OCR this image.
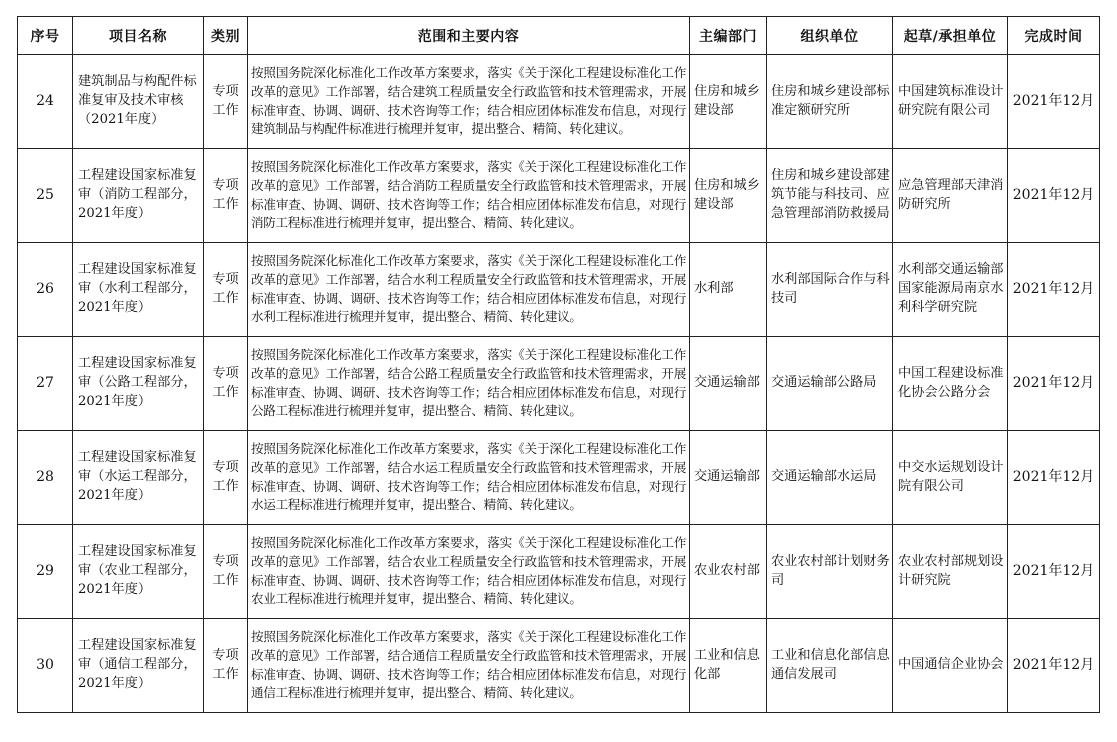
序号	项目名称	类别	范围和主要内容	主编部门	组织单位	起草/承担单位	完成时间
24	建筑制品与构配件标准复审及技术审核（2021年度）	专项工作	按照国务院深化标准化工作改革方案要求，落实《关于深化工程建设标准化工作改革的意见》工作部署，结合建筑工程质量安全行政监管和技术管理需求，开展标准审查、协调、调研、技术咨询等工作；结合相应团体标准发布信息，对现行建筑制品与构配件标准进行梳理并复审，提出整合、精简、转化建议。	住房和城乡建设部	住房和城乡建设部标准定额研究所	中国建筑标准设计研究院有限公司	2021年12月
25	工程建设国家标准复审（消防工程部分，2021年度）	专项工作	按照国务院深化标准化工作改革方案要求，落实《关于深化工程建设标准化工作改革的意见》工作部署，结合消防工程质量安全行政监管和技术管理需求，开展标准审查、协调、调研、技术咨询等工作；结合相应团体标准发布信息，对现行消防工程标准进行梳理并复审，提出整合、精简、转化建议。	住房和城乡建设部	住房和城乡建设部建筑节能与科技司、应急管理部消防救援局	应急管理部天津消防研究所	2021年12月
26	工程建设国家标准复审（水利工程部分，2021年度）	专项工作	按照国务院深化标准化工作改革方案要求，落实《关于深化工程建设标准化工作改革的意见》工作部署，结合水利工程质量安全行政监管和技术管理需求，开展标准审查、协调、调研、技术咨询等工作；结合相应团体标准发布信息，对现行水利工程标准进行梳理并复审，提出整合、精简、转化建议。	水利部	水利部国际合作与科技司	水利部交通运输部国家能源局南京水利科学研究院	2021年12月
27	工程建设国家标准复审（公路工程部分，2021年度）	专项工作	按照国务院深化标准化工作改革方案要求，落实《关于深化工程建设标准化工作改革的意见》工作部署，结合公路工程质量安全行政监管和技术管理需求，开展标准审查、协调、调研、技术咨询等工作；结合相应团体标准发布信息，对现行公路工程标准进行梳理并复审，提出整合、精简、转化建议。	交通运输部	交通运输部公路局	中国工程建设标准化协会公路分会	2021年12月
28	工程建设国家标准复审（水运工程部分，2021年度）	专项工作	按照国务院深化标准化工作改革方案要求，落实《关于深化工程建设标准化工作改革的意见》工作部署，结合水运工程质量安全行政监管和技术管理需求，开展标准审查、协调、调研、技术咨询等工作；结合相应团体标准发布信息，对现行水运工程标准进行梳理并复审，提出整合、精简、转化建议。	交通运输部	交通运输部水运局	中交水运规划设计院有限公司	2021年12月
29	工程建设国家标准复审（农业工程部分，2021年度）	专项工作	按照国务院深化标准化工作改革方案要求，落实《关于深化工程建设标准化工作改革的意见》工作部署，结合农业工程质量安全行政监管和技术管理需求，开展标准审查、协调、调研、技术咨询等工作；结合相应团体标准发布信息，对现行农业工程标准进行梳理并复审，提出整合、精简、转化建议。	农业农村部	农业农村部计划财务司	农业农村部规划设计研究院	2021年12月
30	工程建设国家标准复审（通信工程部分，2021年度）	专项工作	按照国务院深化标准化工作改革方案要求，落实《关于深化工程建设标准化工作改革的意见》工作部署，结合通信工程质量安全行政监管和技术管理需求，开展标准审查、协调、调研、技术咨询等工作；结合相应团体标准发布信息，对现行通信工程标准进行梳理并复审，提出整合、精简、转化建议。	工业和信息化部	工业和信息化部信息通信发展司	中国通信企业协会	2021年12月
